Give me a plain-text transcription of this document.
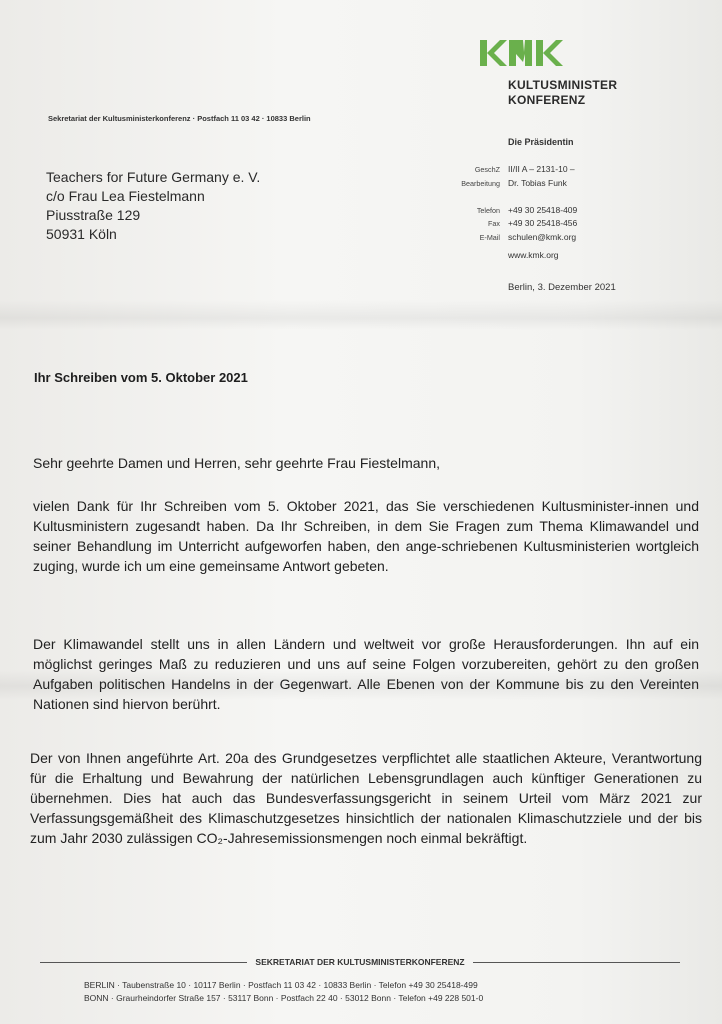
KULTUSMINISTER
KONFERENZ
Sekretariat der Kultusministerkonferenz · Postfach 11 03 42 · 10833 Berlin
Die Präsidentin
GeschZ II/II A – 2131-10 –
Bearbeitung Dr. Tobias Funk
Telefon +49 30 25418-409
Fax +49 30 25418-456
E-Mail schulen@kmk.org
www.kmk.org
Teachers for Future Germany e. V.
c/o Frau Lea Fiestelmann
Piusstraße 129
50931 Köln
Berlin, 3. Dezember 2021
Ihr Schreiben vom 5. Oktober 2021
Sehr geehrte Damen und Herren, sehr geehrte Frau Fiestelmann,
vielen Dank für Ihr Schreiben vom 5. Oktober 2021, das Sie verschiedenen Kultusminister-innen und Kultusministern zugesandt haben. Da Ihr Schreiben, in dem Sie Fragen zum Thema Klimawandel und seiner Behandlung im Unterricht aufgeworfen haben, den ange-schriebenen Kultusministerien wortgleich zuging, wurde ich um eine gemeinsame Antwort gebeten.
Der Klimawandel stellt uns in allen Ländern und weltweit vor große Herausforderungen. Ihn auf ein möglichst geringes Maß zu reduzieren und uns auf seine Folgen vorzubereiten, gehört zu den großen Aufgaben politischen Handelns in der Gegenwart. Alle Ebenen von der Kommune bis zu den Vereinten Nationen sind hiervon berührt.
Der von Ihnen angeführte Art. 20a des Grundgesetzes verpflichtet alle staatlichen Akteure, Verantwortung für die Erhaltung und Bewahrung der natürlichen Lebensgrundlagen auch künftiger Generationen zu übernehmen. Dies hat auch das Bundesverfassungsgericht in seinem Urteil vom März 2021 zur Verfassungsgemäßheit des Klimaschutzgesetzes hinsichtlich der nationalen Klimaschutzziele und der bis zum Jahr 2030 zulässigen CO₂-Jahresemissionsmengen noch einmal bekräftigt.
SEKRETARIAT DER KULTUSMINISTERKONFERENZ
BERLIN · Taubenstraße 10 · 10117 Berlin · Postfach 11 03 42 · 10833 Berlin · Telefon +49 30 25418-499
BONN · Graurheindorfer Straße 157 · 53117 Bonn · Postfach 22 40 · 53012 Bonn · Telefon +49 228 501-0
